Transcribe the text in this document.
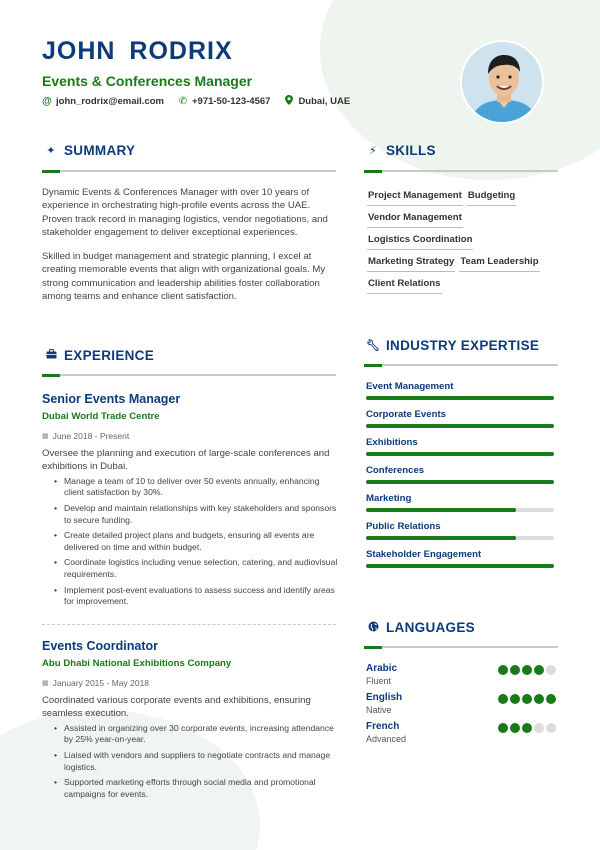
JOHN RODRIX
Events & Conferences Manager
@ john_rodrix@email.com ✆ +971-50-123-4567	Dubai, UAE
✦ SUMMARY

Dynamic Events & Conferences Manager with over 10 years of experience in orchestrating high-profile events across the UAE. Proven track record in managing logistics, vendor negotiations, and stakeholder engagement to deliver exceptional experiences.

Skilled in budget management and strategic planning, I excel at creating memorable events that align with organizational goals. My strong communication and leadership abilities foster collaboration among teams and enhance client satisfaction.

⚡ SKILLS
Project Management Budgeting
Vendor Management
Logistics Coordination
Marketing Strategy Team Leadership
Client Relations
EXPERIENCE
Senior Events Manager
Dubai World Trade Centre
▦ June 2018 - Present
Oversee the planning and execution of large-scale conferences and exhibitions in Dubai.
• Manage a team of 10 to deliver over 50 events annually, enhancing client satisfaction by 30%.
• Develop and maintain relationships with key stakeholders and sponsors to secure funding.
• Create detailed project plans and budgets, ensuring all events are delivered on time and within budget.
• Coordinate logistics including venue selection, catering, and audiovisual requirements.
• Implement post-event evaluations to assess success and identify areas for improvement.
Events Coordinator
Abu Dhabi National Exhibitions Company
▦ January 2015 - May 2018
Coordinated various corporate events and exhibitions, ensuring seamless execution.
• Assisted in organizing over 30 corporate events, increasing attendance by 25% year-on-year.
• Liaised with vendors and suppliers to negotiate contracts and manage logistics.
• Supported marketing efforts through social media and promotional campaigns for events.
🔧︎ INDUSTRY EXPERTISE
Event Management
Corporate Events
Exhibitions
Conferences
Marketing
Public Relations
Stakeholder Engagement
LANGUAGES
Arabic
Fluent
English
Native
French
Advanced
